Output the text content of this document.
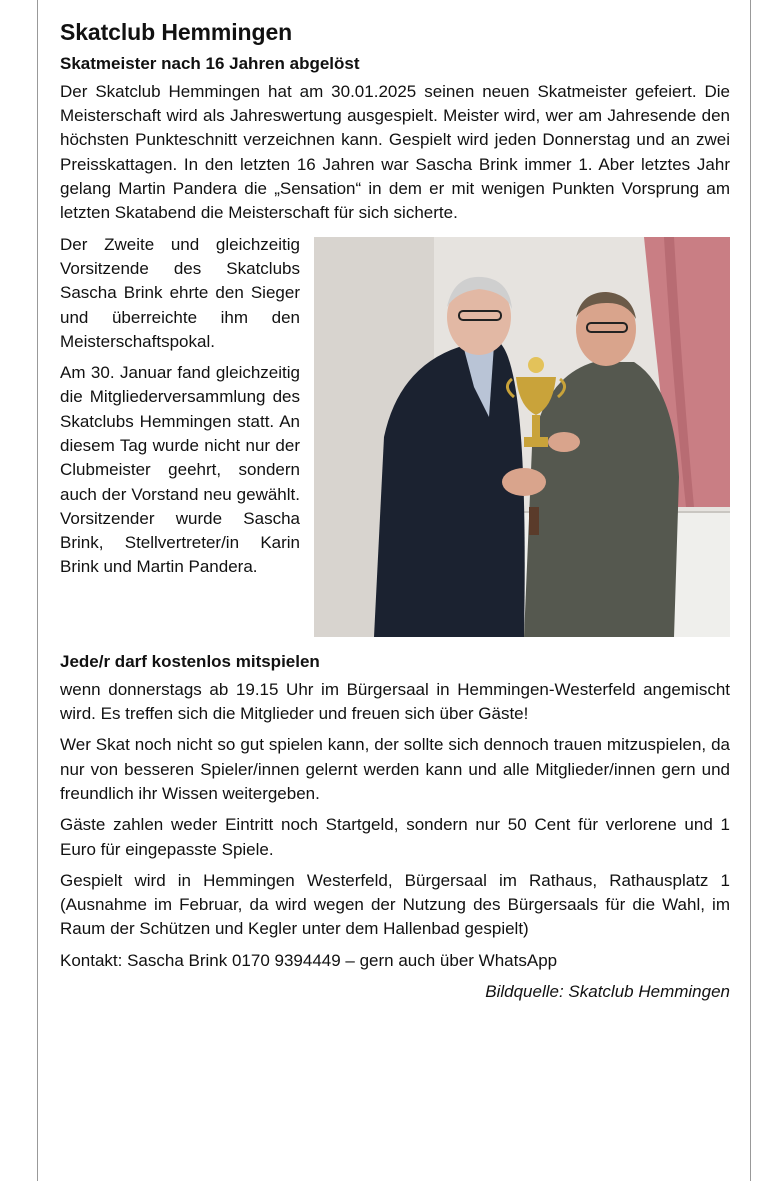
Skatclub Hemmingen
Skatmeister nach 16 Jahren abgelöst

Der Skatclub Hemmingen hat am 30.01.2025 seinen neuen Skatmeister gefeiert. Die Meisterschaft wird als Jahreswertung ausgespielt. Meister wird, wer am Jahresende den höchsten Punkteschnitt verzeichnen kann. Gespielt wird jeden Donnerstag und an zwei Preisskattagen. In den letzten 16 Jahren war Sascha Brink immer 1. Aber letztes Jahr gelang Martin Pandera die „Sensation“ in dem er mit wenigen Punkten Vorsprung am letzten Skatabend die Meisterschaft für sich sicherte.

Der Zweite und gleichzeitig Vorsitzende des Skatclubs Sascha Brink ehrte den Sieger und überreichte ihm den Meisterschaftspokal.

Am 30. Januar fand gleichzeitig die Mitgliederversammlung des Skatclubs Hemmingen statt. An diesem Tag wurde nicht nur der Clubmeister geehrt, sondern auch der Vorstand neu gewählt. Vorsitzender wurde Sascha Brink, Stellvertreter/in Karin Brink und Martin Pandera.

Jede/r darf kostenlos mitspielen

wenn donnerstags ab 19.15 Uhr im Bürgersaal in Hemmingen-Westerfeld angemischt wird. Es treffen sich die Mitglieder und freuen sich über Gäste!

Wer Skat noch nicht so gut spielen kann, der sollte sich dennoch trauen mitzuspielen, da nur von besseren Spieler/innen gelernt werden kann und alle Mitglieder/innen gern und freundlich ihr Wissen weitergeben.

Gäste zahlen weder Eintritt noch Startgeld, sondern nur 50 Cent für verlorene und 1 Euro für eingepasste Spiele.

Gespielt wird in Hemmingen Westerfeld, Bürgersaal im Rathaus, Rathausplatz 1 (Ausnahme im Februar, da wird wegen der Nutzung des Bürgersaals für die Wahl, im Raum der Schützen und Kegler unter dem Hallenbad gespielt)

Kontakt: Sascha Brink 0170 9394449 – gern auch über WhatsApp

Bildquelle: Skatclub Hemmingen
